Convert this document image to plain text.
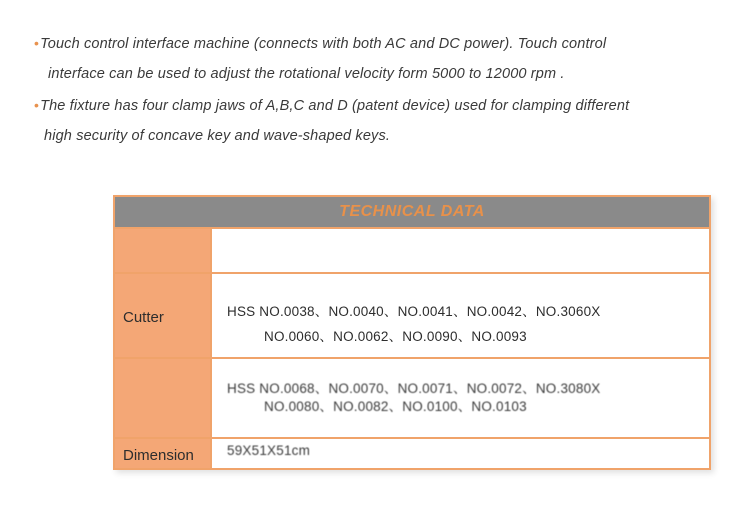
•Touch control interface machine (connects with both AC and DC power). Touch control
interface can be used to adjust the rotational velocity form 5000 to 12000 rpm .
•The fixture has four clamp jaws of A,B,C and D (patent device) used for clamping different
high security of concave key and wave-shaped keys.
TECHNICAL DATA
Cutter	HSS NO.0038、NO.0040、NO.0041、NO.0042、NO.3060X
NO.0060、NO.0062、NO.0090、NO.0093
HSS NO.0068、NO.0070、NO.0071、NO.0072、NO.3080X
NO.0080、NO.0082、NO.0100、NO.0103
Dimension 59X51X51cm
